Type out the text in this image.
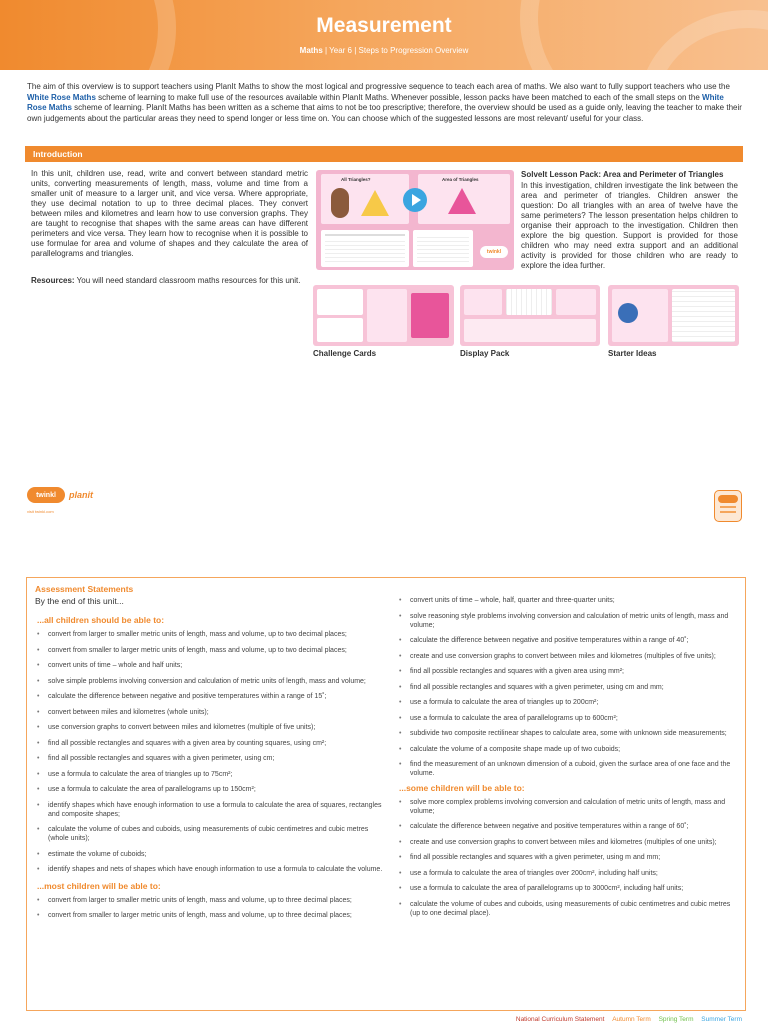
Measurement
Maths | Year 6 | Steps to Progression Overview
The aim of this overview is to support teachers using PlanIt Maths to show the most logical and progressive sequence to teach each area of maths. We also want to fully support teachers who use the White Rose Maths scheme of learning to make full use of the resources available within PlanIt Maths. Whenever possible, lesson packs have been matched to each of the small steps on the White Rose Maths scheme of learning. PlanIt Maths has been written as a scheme that aims to not be too prescriptive; therefore, the overview should be used as a guide only, leaving the teacher to make their own judgements about the particular areas they need to spend longer or less time on. You can choose which of the suggested lessons are most relevant/ useful for your class.
Introduction
In this unit, children use, read, write and convert between standard metric units, converting measurements of length, mass, volume and time from a smaller unit of measure to a larger unit, and vice versa. Where appropriate, they use decimal notation to up to three decimal places. They convert between miles and kilometres and learn how to use conversion graphs. They are taught to recognise that shapes with the same areas can have different perimeters and vice versa. They learn how to recognise when it is possible to use formulae for area and volume of shapes and they calculate the area of parallelograms and triangles.
Resources: You will need standard classroom maths resources for this unit.
All Triangles?	Area of Triangles
twinkl
SolveIt Lesson Pack: Area and Perimeter of Triangles
In this investigation, children investigate the link between the area and perimeter of triangles. Children answer the question: Do all triangles with an area of twelve have the same perimeters? The lesson presentation helps children to organise their approach to the investigation. Children then explore the big question. Support is provided for those children who may need extra support and an additional activity is provided for those children who are ready to explore the idea further.
Challenge Cards	Display Pack	Starter Ideas
twinkl	planit
visit twinkl.com
Assessment Statements
By the end of this unit...
...all children should be able to:
• convert from larger to smaller metric units of length, mass and volume, up to two decimal places;
• convert from smaller to larger metric units of length, mass and volume, up to two decimal places;
• convert units of time – whole and half units;
• solve simple problems involving conversion and calculation of metric units of length, mass and volume;
• calculate the difference between negative and positive temperatures within a range of 15˚;
• convert between miles and kilometres (whole units);
• use conversion graphs to convert between miles and kilometres (multiple of five units);
• find all possible rectangles and squares with a given area by counting squares, using cm²;
• find all possible rectangles and squares with a given perimeter, using cm;
• use a formula to calculate the area of triangles up to 75cm²;
• use a formula to calculate the area of parallelograms up to 150cm²;
• identify shapes which have enough information to use a formula to calculate the area of squares, rectangles and composite shapes;
• calculate the volume of cubes and cuboids, using measurements of cubic centimetres and cubic metres (whole units);
• estimate the volume of cuboids;
• identify shapes and nets of shapes which have enough information to use a formula to calculate the volume.
...most children will be able to:
• convert from larger to smaller metric units of length, mass and volume, up to three decimal places;
• convert from smaller to larger metric units of length, mass and volume, up to three decimal places;
• convert units of time – whole, half, quarter and three-quarter units;
• solve reasoning style problems involving conversion and calculation of metric units of length, mass and volume;
• calculate the difference between negative and positive temperatures within a range of 40˚;
• create and use conversion graphs to convert between miles and kilometres (multiples of five units);
• find all possible rectangles and squares with a given area using mm²;
• find all possible rectangles and squares with a given perimeter, using cm and mm;
• use a formula to calculate the area of triangles up to 200cm²;
• use a formula to calculate the area of parallelograms up to 600cm²;
• subdivide two composite rectilinear shapes to calculate area, some with unknown side measurements;
• calculate the volume of a composite shape made up of two cuboids;
• find the measurement of an unknown dimension of a cuboid, given the surface area of one face and the volume.
...some children will be able to:
• solve more complex problems involving conversion and calculation of metric units of length, mass and volume;
• calculate the difference between negative and positive temperatures within a range of 60˚;
• create and use conversion graphs to convert between miles and kilometres (multiples of one units);
• find all possible rectangles and squares with a given perimeter, using m and mm;
• use a formula to calculate the area of triangles over 200cm², including half units;
• use a formula to calculate the area of parallelograms up to 3000cm², including half units;
• calculate the volume of cubes and cuboids, using measurements of cubic centimetres and cubic metres (up to one decimal place).
National Curriculum Statement Autumn Term Spring Term Summer Term
